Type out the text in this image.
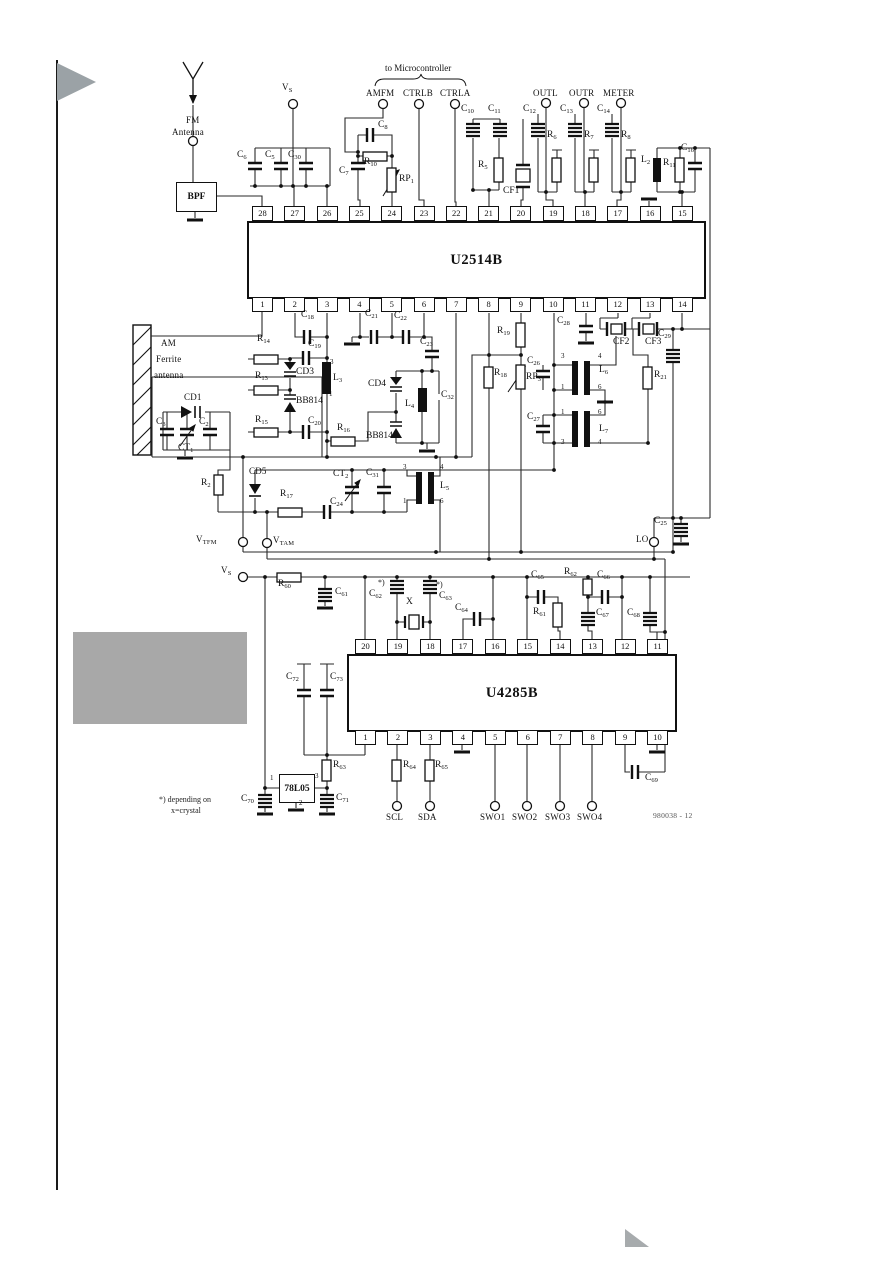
U2514B
U4285B
28	27	26	25	24	23	22	21	20	19	18	17	16	15
1	2	3	4	5	6	7	8	9	10	11	12	13	14
20	19	18	17	16	15	14	13	12	11
1	2	3	4	5	6	7	8	9	10
BPF
78L05
$V_S$	AMFM CTRLB CTRLA	OUTL OUTR METER
to Microcontroller
FM
Antenna
AM
Ferrite
antenna
$V_{TFM}$	$V_{TAM}$
$V_S$
LO
SCL SDA	SWO1 SWO2 SWO3 SWO4
$C_6$ $C_5$ $C_{30}$
$C_7$
$C_8$
$R_{10}$
$RP_1$
$C_{10}$ $C_{11}$
$R_5$
CF1
$C_{12}$
$R_6$
$C_{13}$
$R_7$
$C_{14}$
$R_8$
$L_2$ $R_{11}$
$C_{16}$
$C_{18}$	$C_{21}$ $C_{22}$
$C_{23}$
$R_{14}$	$C_{19}$
CD3
$R_{13}$
BB814
$R_{15}$	$C_{20}$
$L_3$
$R_{16}$
CD4
$L_4$
$C_{32}$
BB814
CD1
$C_3$	$C_2$
$CT_1$
$R_2$
$R_{19}$
$R_{18}$ $RP_3$
$C_{26}$
$C_{28}$
CF2 CF3
$C_{29}$
$L_6$	$R_{21}$
$C_{27}$
$L_7$
CD5	$CT_2$ $C_{31}$
$C_{24}$
$R_{17}$
$L_5$
$C_{25}$
$R_{60}$
$C_{61}$ $C_{62}$
*)
X
$C_{63}$
*)
$C_{64}$
$C_{65}$
$R_{61}$
$R_{62}$ $C_{66}$
$C_{67}$ $C_{68}$
$C_{72}$	$C_{73}$
$R_{63}$
$C_{70}$	$C_{71}$
$R_{64}$ $R_{65}$
$C_{69}$
3
1
3
1
4
6
3
1
4
6
1
3
6
4
1	3
2
*) depending on
x=crystal
980038 - 12
